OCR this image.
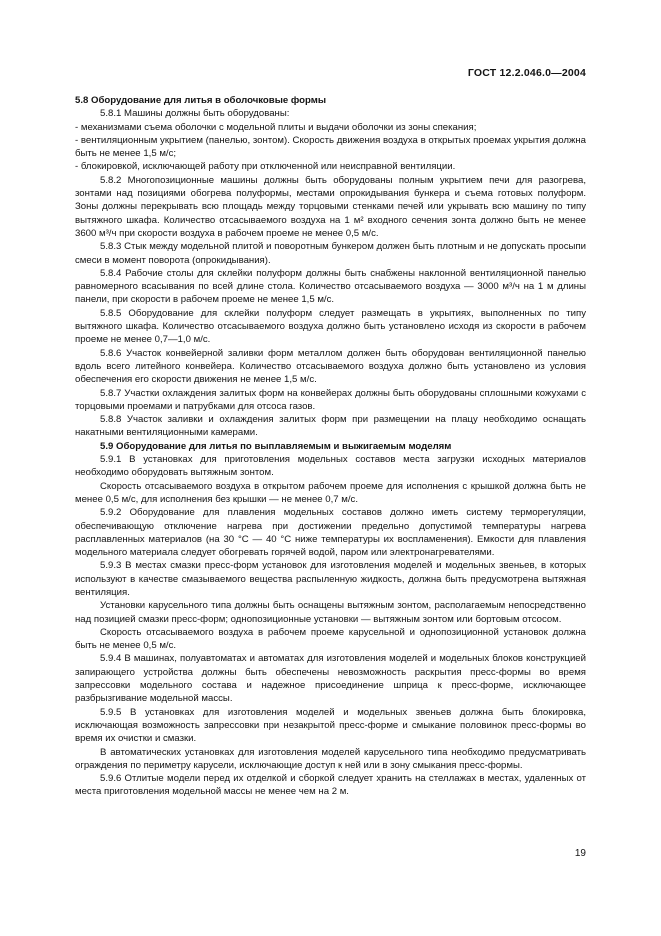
ГОСТ 12.2.046.0—2004

5.8 Оборудование для литья в оболочковые формы

5.8.1 Машины должны быть оборудованы:

- механизмами съема оболочки с модельной плиты и выдачи оболочки из зоны спекания;

- вентиляционным укрытием (панелью, зонтом). Скорость движения воздуха в открытых проемах укрытия должна быть не менее 1,5 м/с;

- блокировкой, исключающей работу при отключенной или неисправной вентиляции.

5.8.2 Многопозиционные машины должны быть оборудованы полным укрытием печи для разогрева, зонтами над позициями обогрева полуформы, местами опрокидывания бункера и съема готовых полуформ. Зоны должны перекрывать всю площадь между торцовыми стенками печей или укрывать всю машину по типу вытяжного шкафа. Количество отсасываемого воздуха на 1 м² входного сечения зонта должно быть не менее 3600 м³/ч при скорости воздуха в рабочем проеме не менее 0,5 м/с.

5.8.3 Стык между модельной плитой и поворотным бункером должен быть плотным и не допускать просыпи смеси в момент поворота (опрокидывания).

5.8.4 Рабочие столы для склейки полуформ должны быть снабжены наклонной вентиляционной панелью равномерного всасывания по всей длине стола. Количество отсасываемого воздуха — 3000 м³/ч на 1 м длины панели, при скорости в рабочем проеме не менее 1,5 м/с.

5.8.5 Оборудование для склейки полуформ следует размещать в укрытиях, выполненных по типу вытяжного шкафа. Количество отсасываемого воздуха должно быть установлено исходя из скорости в рабочем проеме не менее 0,7—1,0 м/с.

5.8.6 Участок конвейерной заливки форм металлом должен быть оборудован вентиляционной панелью вдоль всего литейного конвейера. Количество отсасываемого воздуха должно быть установлено из условия обеспечения его скорости движения не менее 1,5 м/с.

5.8.7 Участки охлаждения залитых форм на конвейерах должны быть оборудованы сплошными кожухами с торцовыми проемами и патрубками для отсоса газов.

5.8.8 Участок заливки и охлаждения залитых форм при размещении на плацу необходимо оснащать накатными вентиляционными камерами.

5.9 Оборудование для литья по выплавляемым и выжигаемым моделям

5.9.1 В установках для приготовления модельных составов места загрузки исходных материалов необходимо оборудовать вытяжным зонтом.

Скорость отсасываемого воздуха в открытом рабочем проеме для исполнения с крышкой должна быть не менее 0,5 м/с, для исполнения без крышки — не менее 0,7 м/с.

5.9.2 Оборудование для плавления модельных составов должно иметь систему терморегуляции, обеспечивающую отключение нагрева при достижении предельно допустимой температуры нагрева расплавленных материалов (на 30 °С — 40 °С ниже температуры их воспламенения). Емкости для плавления модельного материала следует обогревать горячей водой, паром или электронагревателями.

5.9.3 В местах смазки пресс-форм установок для изготовления моделей и модельных звеньев, в которых используют в качестве смазываемого вещества распыленную жидкость, должна быть предусмотрена вытяжная вентиляция.

Установки карусельного типа должны быть оснащены вытяжным зонтом, располагаемым непосредственно над позицией смазки пресс-форм; однопозиционные установки — вытяжным зонтом или бортовым отсосом.

Скорость отсасываемого воздуха в рабочем проеме карусельной и однопозиционной установок должна быть не менее 0,5 м/с.

5.9.4 В машинах, полуавтоматах и автоматах для изготовления моделей и модельных блоков конструкцией запирающего устройства должны быть обеспечены невозможность раскрытия пресс-формы во время запрессовки модельного состава и надежное присоединение шприца к пресс-форме, исключающее разбрызгивание модельной массы.

5.9.5 В установках для изготовления моделей и модельных звеньев должна быть блокировка, исключающая возможность запрессовки при незакрытой пресс-форме и смыкание половинок пресс-формы во время их очистки и смазки.

В автоматических установках для изготовления моделей карусельного типа необходимо предусматривать ограждения по периметру карусели, исключающие доступ к ней или в зону смыкания пресс-формы.

5.9.6 Отлитые модели перед их отделкой и сборкой следует хранить на стеллажах в местах, удаленных от места приготовления модельной массы не менее чем на 2 м.

19
